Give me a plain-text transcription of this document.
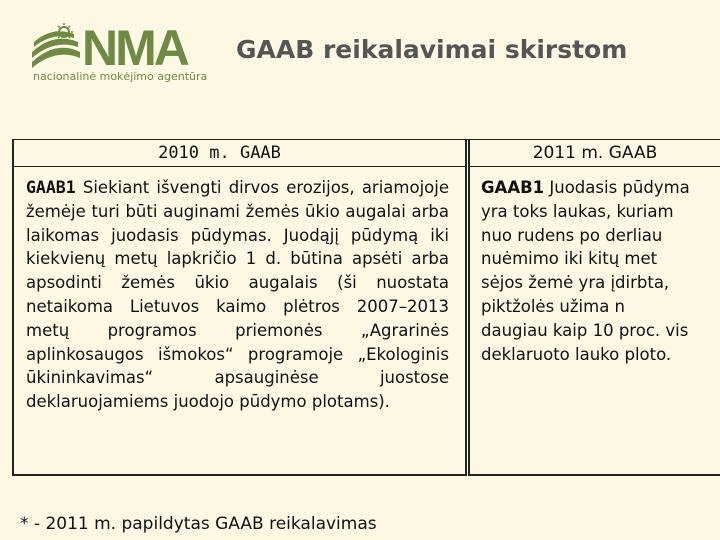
NMA
nacionalinė mokėjimo agentūra
GAAB reikalavimai skirstom
2010 m. GAAB	2011 m. GAAB
GAAB1 Siekiant išvengti dirvos erozijos, ariamojoje žemėje turi būti auginami žemės ūkio augalai arba laikomas juodasis pūdymas. Juodąjį pūdymą iki kiekvienų metų lapkričio 1 d. būtina apsėti arba apsodinti žemės ūkio augalais (ši nuostata netaikoma Lietuvos kaimo plėtros 2007–2013 metų programos priemonės „Agrarinės aplinkosaugos išmokos“ programoje „Ekologinis ūkininkavimas“ apsauginėse juostose deklaruojamiems juodojo pūdymo plotams).
GAAB1 Juodasis pūdyma
yra toks laukas, kuriam
nuo rudens po derliau
nuėmimo iki kitų met
sėjos žemė yra įdirbta,
piktžolės užima n
daugiau kaip 10 proc. vis
deklaruoto lauko ploto.
* - 2011 m. papildytas GAAB reikalavimas
